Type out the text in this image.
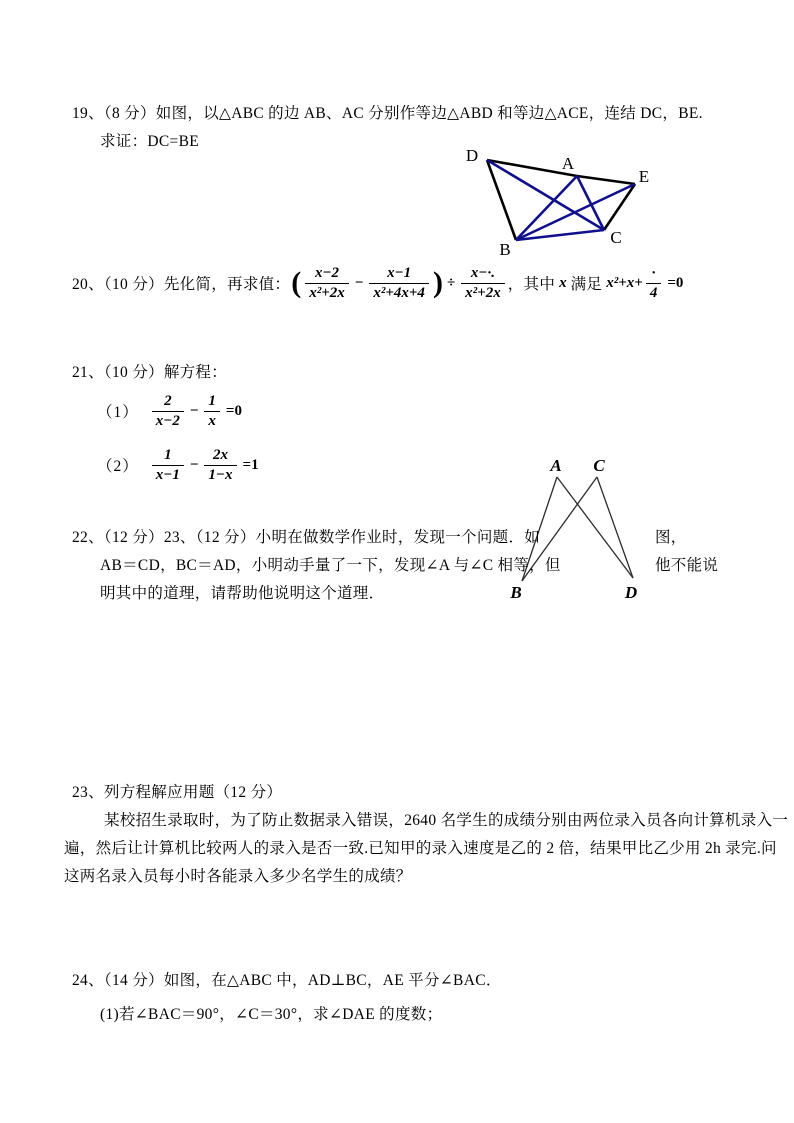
19、（8 分）如图，以△ABC 的边 AB、AC 分别作等边△ABD 和等边△ACE，连结 DC，BE.
求证：DC=BE
D	A
E
B
C
20、（10 分）先化简，再求值： ( $\frac{x-2}{\text{x²+2x}} - \frac{x-1}{\text{x²+4x+4}}$ ) ÷ $\frac{x-\cdot.}{\text{x²+2x}}$ ，其中 x 满足 $x^2+x+ \frac{\cdot}{4} =0$
21、（10 分）解方程：
$(1) \frac{2}{x-2} - \frac{1}{x} =0$
$(2) \frac{1}{x-1} - \frac{2x}{1-x} =1$	A C
B	D
22、（12 分）23、（12 分）小明在做数学作业时，发现一个问题．如	图，
AB＝CD，BC＝AD，小明动手量了一下，发现∠A 与∠C 相等，但	他不能说
明其中的道理，请帮助他说明这个道理．
23、列方程解应用题（12 分）
某校招生录取时，为了防止数据录入错误，2640 名学生的成绩分别由两位录入员各向计算机录入一
遍，然后让计算机比较两人的录入是否一致.已知甲的录入速度是乙的 2 倍，结果甲比乙少用 2h 录完.问
这两名录入员每小时各能录入多少名学生的成绩？
24、（14 分）如图，在△ABC 中，AD⊥BC，AE 平分∠BAC．
(1)若∠BAC＝90°，∠C＝30°，求∠DAE 的度数；
